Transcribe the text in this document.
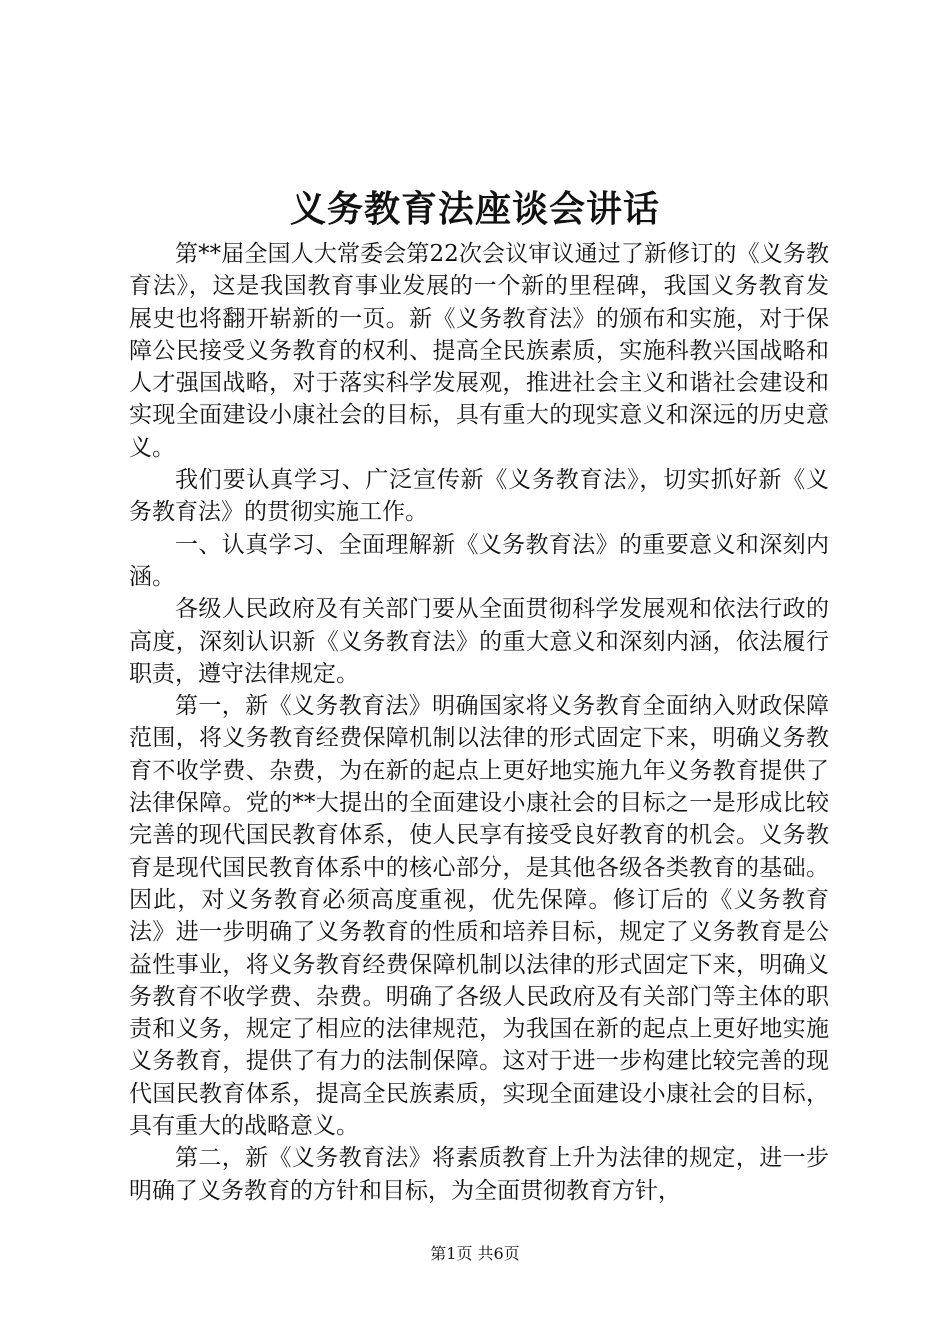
义务教育法座谈会讲话

第**届全国人大常委会第22次会议审议通过了新修订的《义务教育法》，这是我国教育事业发展的一个新的里程碑，我国义务教育发展史也将翻开崭新的一页。新《义务教育法》的颁布和实施，对于保障公民接受义务教育的权利、提高全民族素质，实施科教兴国战略和人才强国战略，对于落实科学发展观，推进社会主义和谐社会建设和实现全面建设小康社会的目标，具有重大的现实意义和深远的历史意义。

我们要认真学习、广泛宣传新《义务教育法》，切实抓好新《义务教育法》的贯彻实施工作。

一、认真学习、全面理解新《义务教育法》的重要意义和深刻内涵。

各级人民政府及有关部门要从全面贯彻科学发展观和依法行政的高度，深刻认识新《义务教育法》的重大意义和深刻内涵，依法履行职责，遵守法律规定。

第一，新《义务教育法》明确国家将义务教育全面纳入财政保障范围，将义务教育经费保障机制以法律的形式固定下来，明确义务教育不收学费、杂费，为在新的起点上更好地实施九年义务教育提供了法律保障。党的**大提出的全面建设小康社会的目标之一是形成比较完善的现代国民教育体系，使人民享有接受良好教育的机会。义务教育是现代国民教育体系中的核心部分，是其他各级各类教育的基础。因此，对义务教育必须高度重视，优先保障。修订后的《义务教育法》进一步明确了义务教育的性质和培养目标，规定了义务教育是公益性事业，将义务教育经费保障机制以法律的形式固定下来，明确义务教育不收学费、杂费。明确了各级人民政府及有关部门等主体的职责和义务，规定了相应的法律规范，为我国在新的起点上更好地实施义务教育，提供了有力的法制保障。这对于进一步构建比较完善的现代国民教育体系，提高全民族素质，实现全面建设小康社会的目标，具有重大的战略意义。

第二，新《义务教育法》将素质教育上升为法律的规定，进一步明确了义务教育的方针和目标，为全面贯彻教育方针，

第1页 共6页
